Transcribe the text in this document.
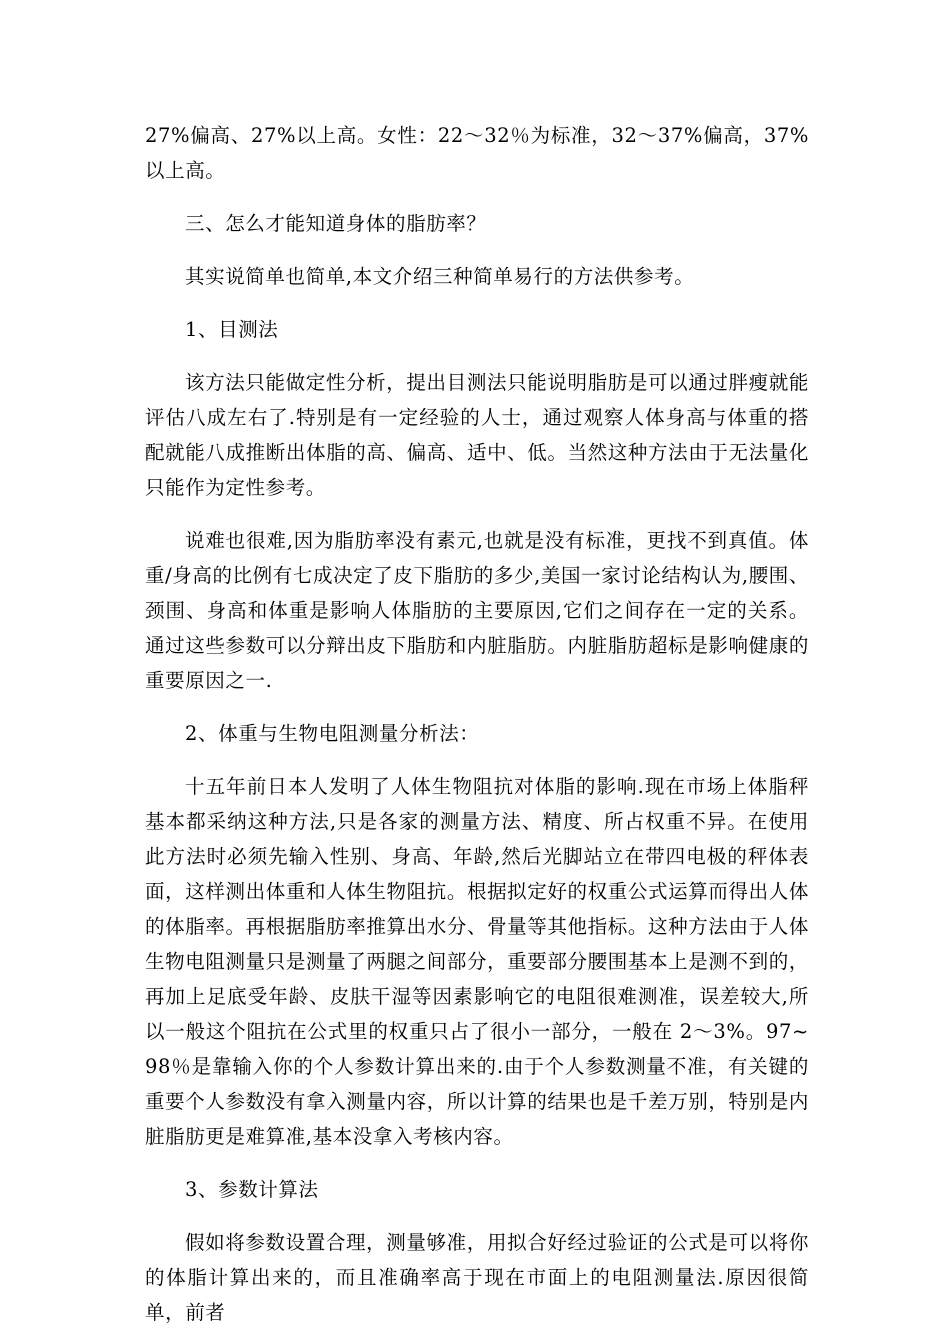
27%偏高、27%以上高。女性：22～32％为标准，32～37%偏高，37%以上高。

三、怎么才能知道身体的脂肪率？

其实说简单也简单,本文介绍三种简单易行的方法供参考。

1、目测法

该方法只能做定性分析，提出目测法只能说明脂肪是可以通过胖瘦就能评估八成左右了.特别是有一定经验的人士，通过观察人体身高与体重的搭配就能八成推断出体脂的高、偏高、适中、低。当然这种方法由于无法量化只能作为定性参考。

说难也很难,因为脂肪率没有素元,也就是没有标准，更找不到真值。体重/身高的比例有七成决定了皮下脂肪的多少,美国一家讨论结构认为,腰围、颈围、身高和体重是影响人体脂肪的主要原因,它们之间存在一定的关系。通过这些参数可以分辩出皮下脂肪和内脏脂肪。内脏脂肪超标是影响健康的重要原因之一.

2、体重与生物电阻测量分析法：

十五年前日本人发明了人体生物阻抗对体脂的影响.现在市场上体脂秤基本都采纳这种方法,只是各家的测量方法、精度、所占权重不异。在使用此方法时必须先输入性别、身高、年龄,然后光脚站立在带四电极的秤体表面，这样测出体重和人体生物阻抗。根据拟定好的权重公式运算而得出人体的体脂率。再根据脂肪率推算出水分、骨量等其他指标。这种方法由于人体生物电阻测量只是测量了两腿之间部分，重要部分腰围基本上是测不到的，再加上足底受年龄、皮肤干湿等因素影响它的电阻很难测准，误差较大,所以一般这个阻抗在公式里的权重只占了很小一部分，一般在 2～3%。97~98％是靠输入你的个人参数计算出来的.由于个人参数测量不准，有关键的重要个人参数没有拿入测量内容，所以计算的结果也是千差万别，特别是内脏脂肪更是难算准,基本没拿入考核内容。

3、参数计算法

假如将参数设置合理，测量够准，用拟合好经过验证的公式是可以将你的体脂计算出来的，而且准确率高于现在市面上的电阻测量法.原因很简单，前者
